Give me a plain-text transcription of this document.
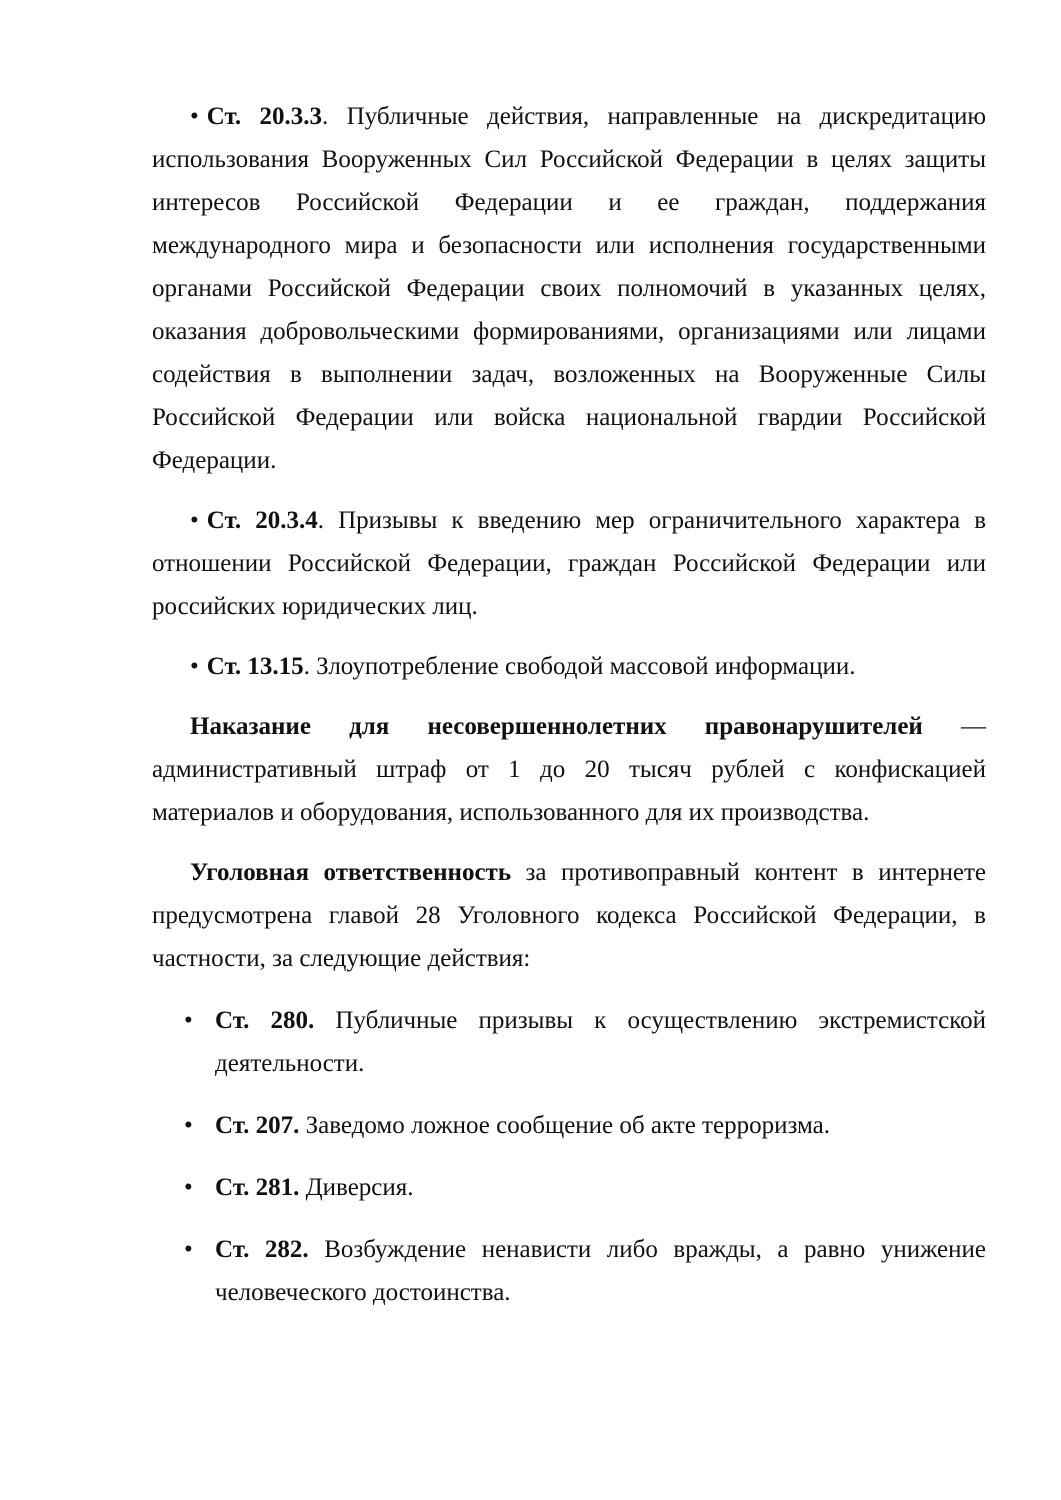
• Ст. 20.3.3. Публичные действия, направленные на дискредитацию использования Вооруженных Сил Российской Федерации в целях защиты интересов Российской Федерации и ее граждан, поддержания международного мира и безопасности или исполнения государственными органами Российской Федерации своих полномочий в указанных целях, оказания добровольческими формированиями, организациями или лицами содействия в выполнении задач, возложенных на Вооруженные Силы Российской Федерации или войска национальной гвардии Российской Федерации.

• Ст. 20.3.4. Призывы к введению мер ограничительного характера в отношении Российской Федерации, граждан Российской Федерации или российских юридических лиц.

• Ст. 13.15. Злоупотребление свободой массовой информации.

Наказание для несовершеннолетних правонарушителей — административный штраф от 1 до 20 тысяч рублей с конфискацией материалов и оборудования, использованного для их производства.

Уголовная ответственность за противоправный контент в интернете предусмотрена главой 28 Уголовного кодекса Российской Федерации, в частности, за следующие действия:

• Ст. 280. Публичные призывы к осуществлению экстремистской деятельности.
• Ст. 207. Заведомо ложное сообщение об акте терроризма.
• Ст. 281. Диверсия.
• Ст. 282. Возбуждение ненависти либо вражды, а равно унижение человеческого достоинства.
